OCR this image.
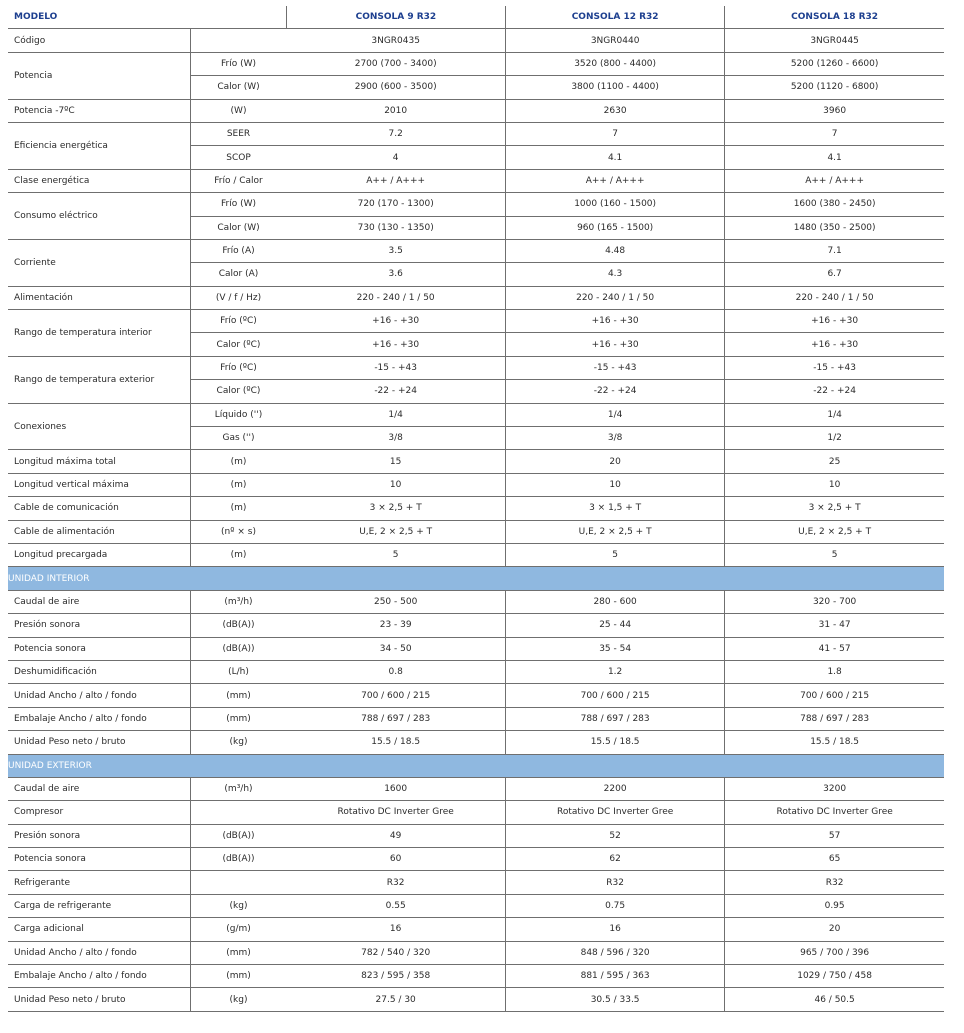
MODELO		CONSOLA 9 R32	CONSOLA 12 R32	CONSOLA 18 R32
Código		3NGR0435	3NGR0440	3NGR0445
Potencia	Frío (W)	2700 (700 - 3400)	3520 (800 - 4400)	5200 (1260 - 6600)
	Calor (W)	2900 (600 - 3500)	3800 (1100 - 4400)	5200 (1120 - 6800)
Potencia -7ºC	(W)	2010	2630	3960
Eficiencia energética	SEER	7.2	7	7
	SCOP	4	4.1	4.1
Clase energética	Frío / Calor	A++ / A+++	A++ / A+++	A++ / A+++
Consumo eléctrico	Frío (W)	720 (170 - 1300)	1000 (160 - 1500)	1600 (380 - 2450)
	Calor (W)	730 (130 - 1350)	960 (165 - 1500)	1480 (350 - 2500)
Corriente	Frío (A)	3.5	4.48	7.1
	Calor (A)	3.6	4.3	6.7
Alimentación	(V / f / Hz)	220 - 240 / 1 / 50	220 - 240 / 1 / 50	220 - 240 / 1 / 50
Rango de temperatura interior	Frío (ºC)	+16 - +30	+16 - +30	+16 - +30
	Calor (ºC)	+16 - +30	+16 - +30	+16 - +30
Rango de temperatura exterior	Frío (ºC)	-15 - +43	-15 - +43	-15 - +43
	Calor (ºC)	-22 - +24	-22 - +24	-22 - +24
Conexiones	Líquido ('')	1/4	1/4	1/4
	Gas ('')	3/8	3/8	1/2
Longitud máxima total	(m)	15	20	25
Longitud vertical máxima	(m)	10	10	10
Cable de comunicación	(m)	3 × 2,5 + T	3 × 1,5 + T	3 × 2,5 + T
Cable de alimentación	(nº × s)	U,E, 2 × 2,5 + T	U,E, 2 × 2,5 + T	U,E, 2 × 2,5 + T
Longitud precargada	(m)	5	5	5
UNIDAD INTERIOR				
Caudal de aire	(m³/h)	250 - 500	280 - 600	320 - 700
Presión sonora	(dB(A))	23 - 39	25 - 44	31 - 47
Potencia sonora	(dB(A))	34 - 50	35 - 54	41 - 57
Deshumidificación	(L/h)	0.8	1.2	1.8
Unidad Ancho / alto / fondo	(mm)	700 / 600 / 215	700 / 600 / 215	700 / 600 / 215
Embalaje Ancho / alto / fondo	(mm)	788 / 697 / 283	788 / 697 / 283	788 / 697 / 283
Unidad Peso neto / bruto	(kg)	15.5 / 18.5	15.5 / 18.5	15.5 / 18.5
UNIDAD EXTERIOR				
Caudal de aire	(m³/h)	1600	2200	3200
Compresor		Rotativo DC Inverter Gree	Rotativo DC Inverter Gree	Rotativo DC Inverter Gree
Presión sonora	(dB(A))	49	52	57
Potencia sonora	(dB(A))	60	62	65
Refrigerante		R32	R32	R32
Carga de refrigerante	(kg)	0.55	0.75	0.95
Carga adicional	(g/m)	16	16	20
Unidad Ancho / alto / fondo	(mm)	782 / 540 / 320	848 / 596 / 320	965 / 700 / 396
Embalaje Ancho / alto / fondo	(mm)	823 / 595 / 358	881 / 595 / 363	1029 / 750 / 458
Unidad Peso neto / bruto	(kg)	27.5 / 30	30.5 / 33.5	46 / 50.5
